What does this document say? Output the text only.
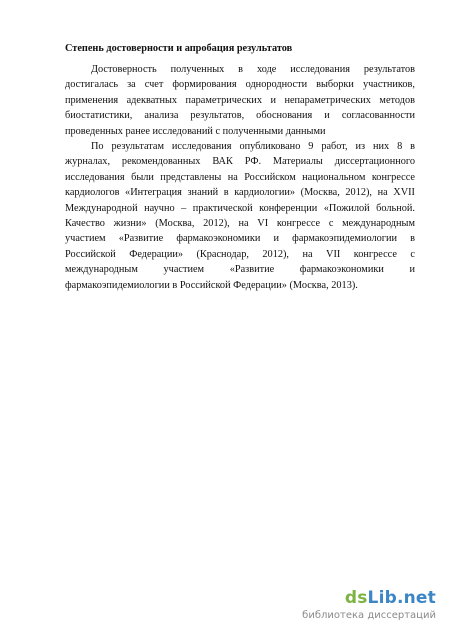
Степень достоверности и апробация результатов
Достоверность полученных в ходе исследования результатов
достигалась за счет формирования однородности выборки участников,
применения адекватных параметрических и непараметрических методов
биостатистики, анализа результатов, обоснования и согласованности
проведенных ранее исследований с полученными данными
По результатам исследования опубликовано 9 работ, из них 8 в
журналах, рекомендованных ВАК РФ. Материалы диссертационного
исследования были представлены на Российском национальном конгрессе
кардиологов «Интеграция знаний в кардиологии» (Москва, 2012), на XVII
Международной научно – практической конференции «Пожилой больной.
Качество жизни» (Москва, 2012), на VI конгрессе с международным
участием «Развитие фармакоэкономики и фармакоэпидемиологии в
Российской Федерации» (Краснодар, 2012), на VII конгрессе с
международным участием «Развитие фармакоэкономики и
фармакоэпидемиологии в Российской Федерации» (Москва, 2013).
dsLib.net
библиотека диссертаций
